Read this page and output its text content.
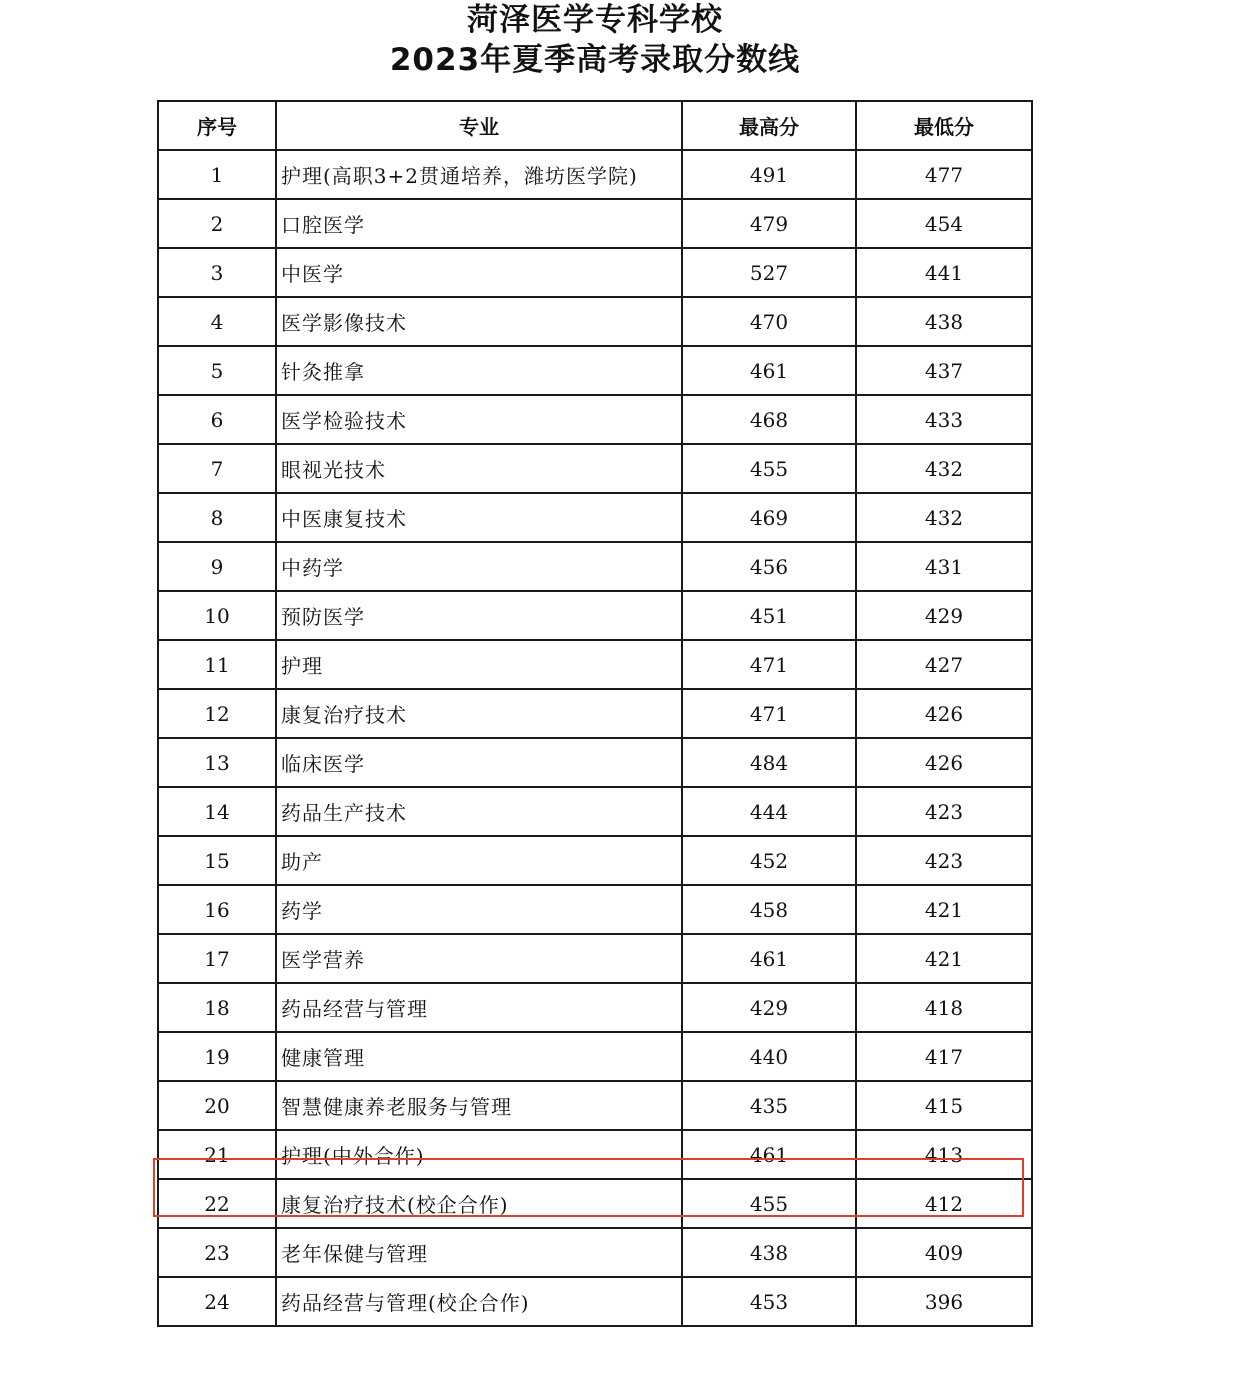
菏泽医学专科学校
2023年夏季高考录取分数线
序号	专业	最高分	最低分
1	护理(高职3+2贯通培养，潍坊医学院)	491	477
2	口腔医学	479	454
3	中医学	527	441
4	医学影像技术	470	438
5	针灸推拿	461	437
6	医学检验技术	468	433
7	眼视光技术	455	432
8	中医康复技术	469	432
9	中药学	456	431
10	预防医学	451	429
11	护理	471	427
12	康复治疗技术	471	426
13	临床医学	484	426
14	药品生产技术	444	423
15	助产	452	423
16	药学	458	421
17	医学营养	461	421
18	药品经营与管理	429	418
19	健康管理	440	417
20	智慧健康养老服务与管理	435	415
21	护理(中外合作)	461	413
22	康复治疗技术(校企合作)	455	412
23	老年保健与管理	438	409
24	药品经营与管理(校企合作)	453	396
